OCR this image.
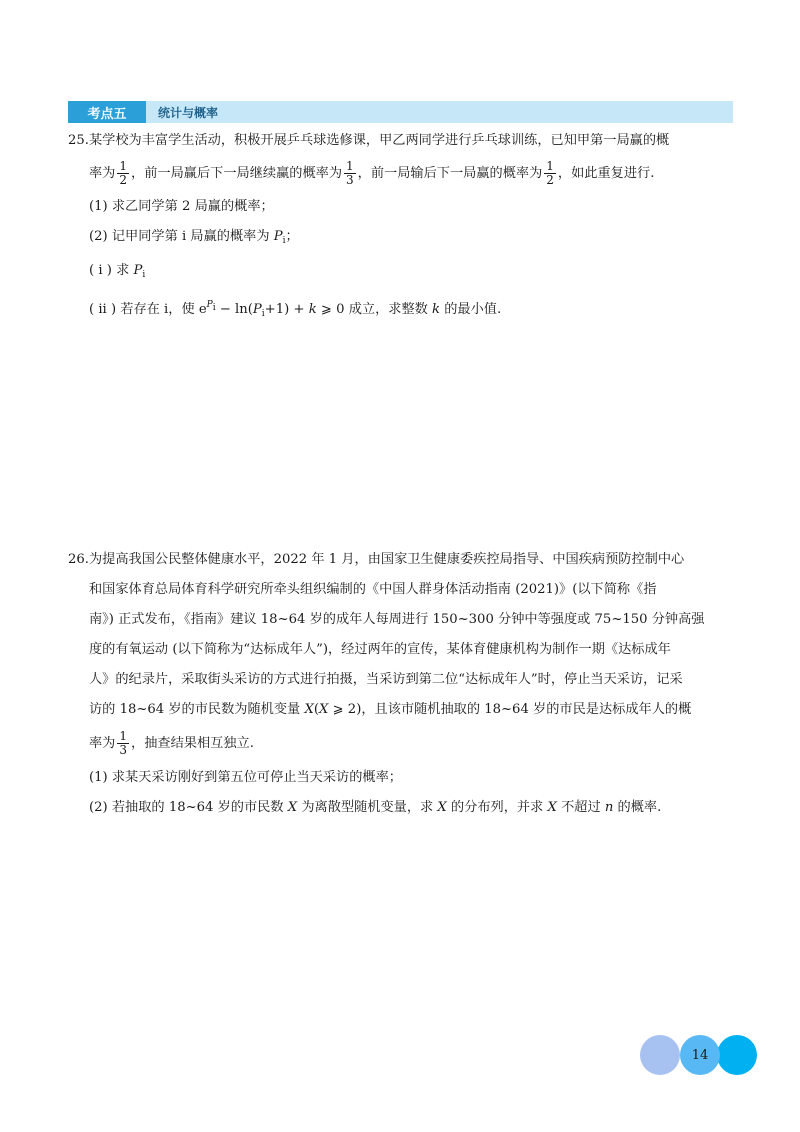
考点五	统计与概率

25.某学校为丰富学生活动，积极开展乒乓球选修课，甲乙两同学进行乒乓球训练，已知甲第一局赢的概

率为 $\frac{1}{2}$ ，前一局赢后下一局继续赢的概率为 $\frac{1}{3}$ ，前一局输后下一局赢的概率为 $\frac{1}{2}$ ，如此重复进行.

(1) 求乙同学第 2 局赢的概率；

(2) 记甲同学第 i 局赢的概率为 $P_i$；

( i ) 求 $P_i$

( ii ) 若存在 i，使 $e^{Pi} - \ln(P_i+1) + k$ ⩾ 0 成立，求整数 k 的最小值.

26.为提高我国公民整体健康水平，2022 年 1 月，由国家卫生健康委疾控局指导、中国疾病预防控制中心

和国家体育总局体育科学研究所牵头组织编制的《中国人群身体活动指南 (2021)》(以下简称《指

南》) 正式发布，《指南》建议 18~64 岁的成年人每周进行 150~300 分钟中等强度或 75~150 分钟高强

度的有氧运动 (以下简称为“达标成年人”)，经过两年的宣传，某体育健康机构为制作一期《达标成年

人》的纪录片，采取街头采访的方式进行拍摄，当采访到第二位“达标成年人”时，停止当天采访，记采

访的 18~64 岁的市民数为随机变量 X(X ⩾ 2)，且该市随机抽取的 18~64 岁的市民是达标成年人的概

率为 $\frac{1}{3}$ ，抽查结果相互独立.

(1) 求某天采访刚好到第五位可停止当天采访的概率；

(2) 若抽取的 18~64 岁的市民数 X 为离散型随机变量，求 X 的分布列，并求 X 不超过 n 的概率.

14
